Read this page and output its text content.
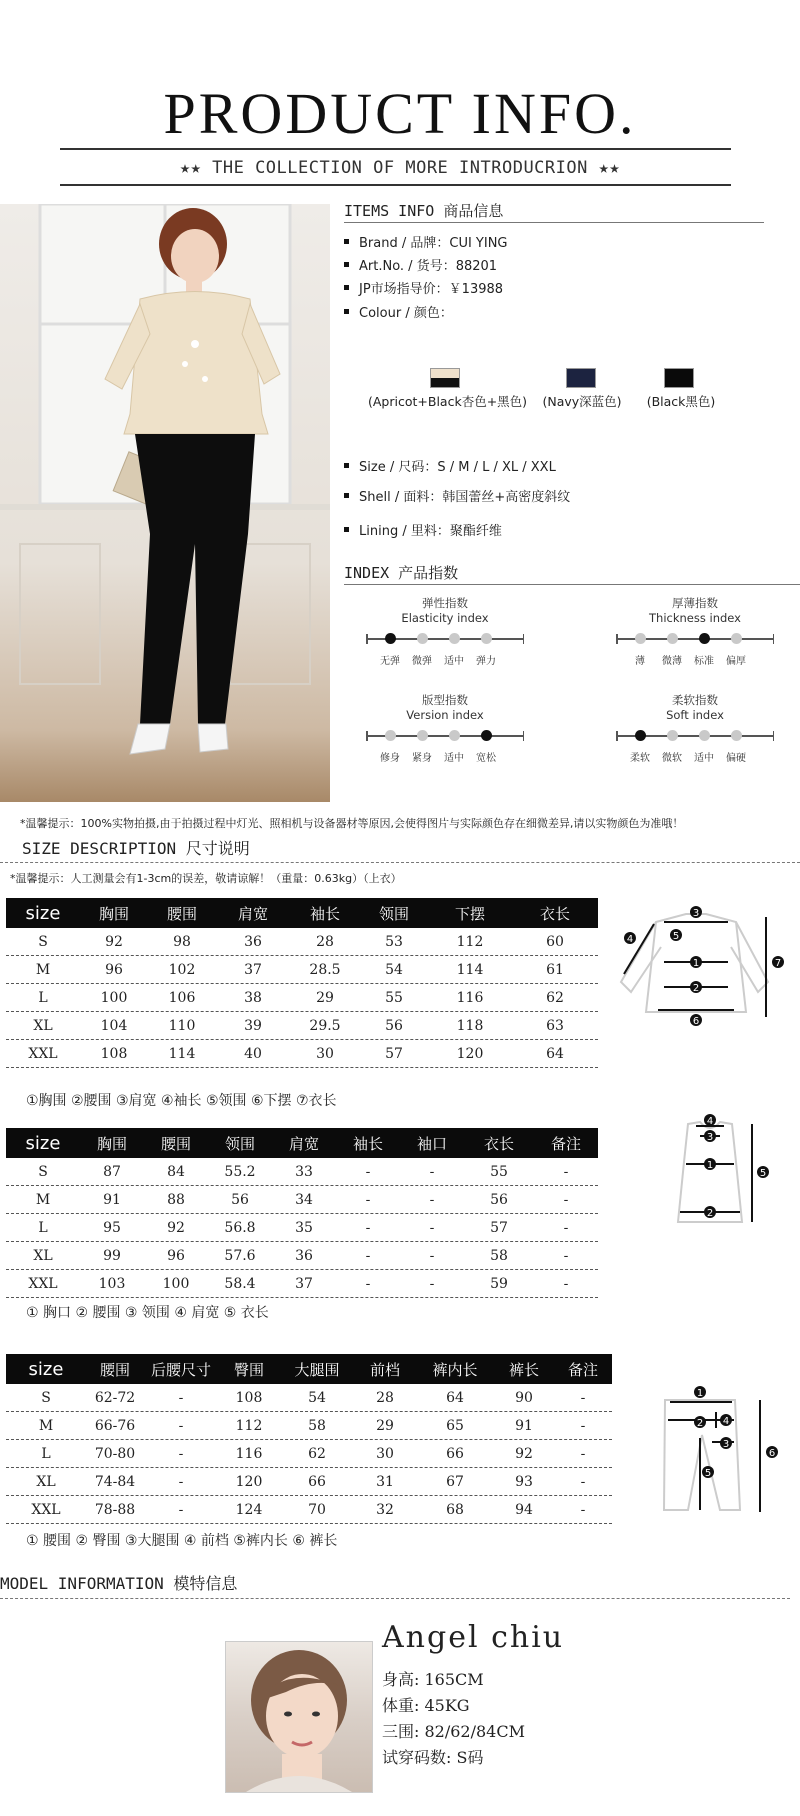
PRODUCT INFO.
★★ THE COLLECTION OF MORE INTRODUCRION ★★
ITEMS INFO 商品信息
Brand / 品牌：CUI YING
Art.No. / 货号：88201
JP市场指导价：￥13988
Colour / 颜色：
(Apricot+Black杏色+黑色)	(Navy深蓝色)	(Black黑色)
Size / 尺码：S / M / L / XL / XXL
Shell / 面料：韩国蕾丝+高密度斜纹
Lining / 里料：聚酯纤维
INDEX 产品指数
弹性指数
Elasticity index
无弹	微弹	适中	弹力
厚薄指数
Thickness index
薄	微薄	标准	偏厚
版型指数
Version index
修身	紧身	适中	宽松
柔软指数
Soft index
柔软	微软	适中	偏硬
*温馨提示：100%实物拍摄,由于拍摄过程中灯光、照相机与设备器材等原因,会使得图片与实际颜色存在细微差异,请以实物颜色为准哦！
SIZE DESCRIPTION 尺寸说明
*温馨提示：人工测量会有1-3cm的误差，敬请谅解！（重量：0.63kg）（上衣）
size	胸围	腰围	肩宽	袖长	领围	下摆	衣长
S	92	98	36	28	53	112	60
M	96	102	37	28.5	54	114	61
L	100	106	38	29	55	116	62
XL	104	110	39	29.5	56	118	63
XXL	108	114	40	30	57	120	64
①胸围 ②腰围 ③肩宽 ④袖长 ⑤领围 ⑥下摆 ⑦衣长
3
5
1
2
6
4
7
size	胸围	腰围	领围	肩宽	袖长	袖口	衣长	备注
S	87	84	55.2	33	-	-	55	-
M	91	88	56	34	-	-	56	-
L	95	92	56.8	35	-	-	57	-
XL	99	96	57.6	36	-	-	58	-
XXL	103	100	58.4	37	-	-	59	-
① 胸口 ② 腰围 ③ 领围 ④ 肩宽 ⑤ 衣长
4
3
1
2
5
size	腰围	后腰尺寸	臀围	大腿围	前档	裤内长	裤长	备注
S	62-72	-	108	54	28	64	90	-
M	66-76	-	112	58	29	65	91	-
L	70-80	-	116	62	30	66	92	-
XL	74-84	-	120	66	31	67	93	-
XXL	78-88	-	124	70	32	68	94	-
① 腰围 ② 臀围 ③大腿围 ④ 前档 ⑤裤内长 ⑥ 裤长
1
2 4
3
5
6
MODEL INFORMATION 模特信息
Angel chiu
身高: 165CM
体重: 45KG
三围: 82/62/84CM
试穿码数: S码
